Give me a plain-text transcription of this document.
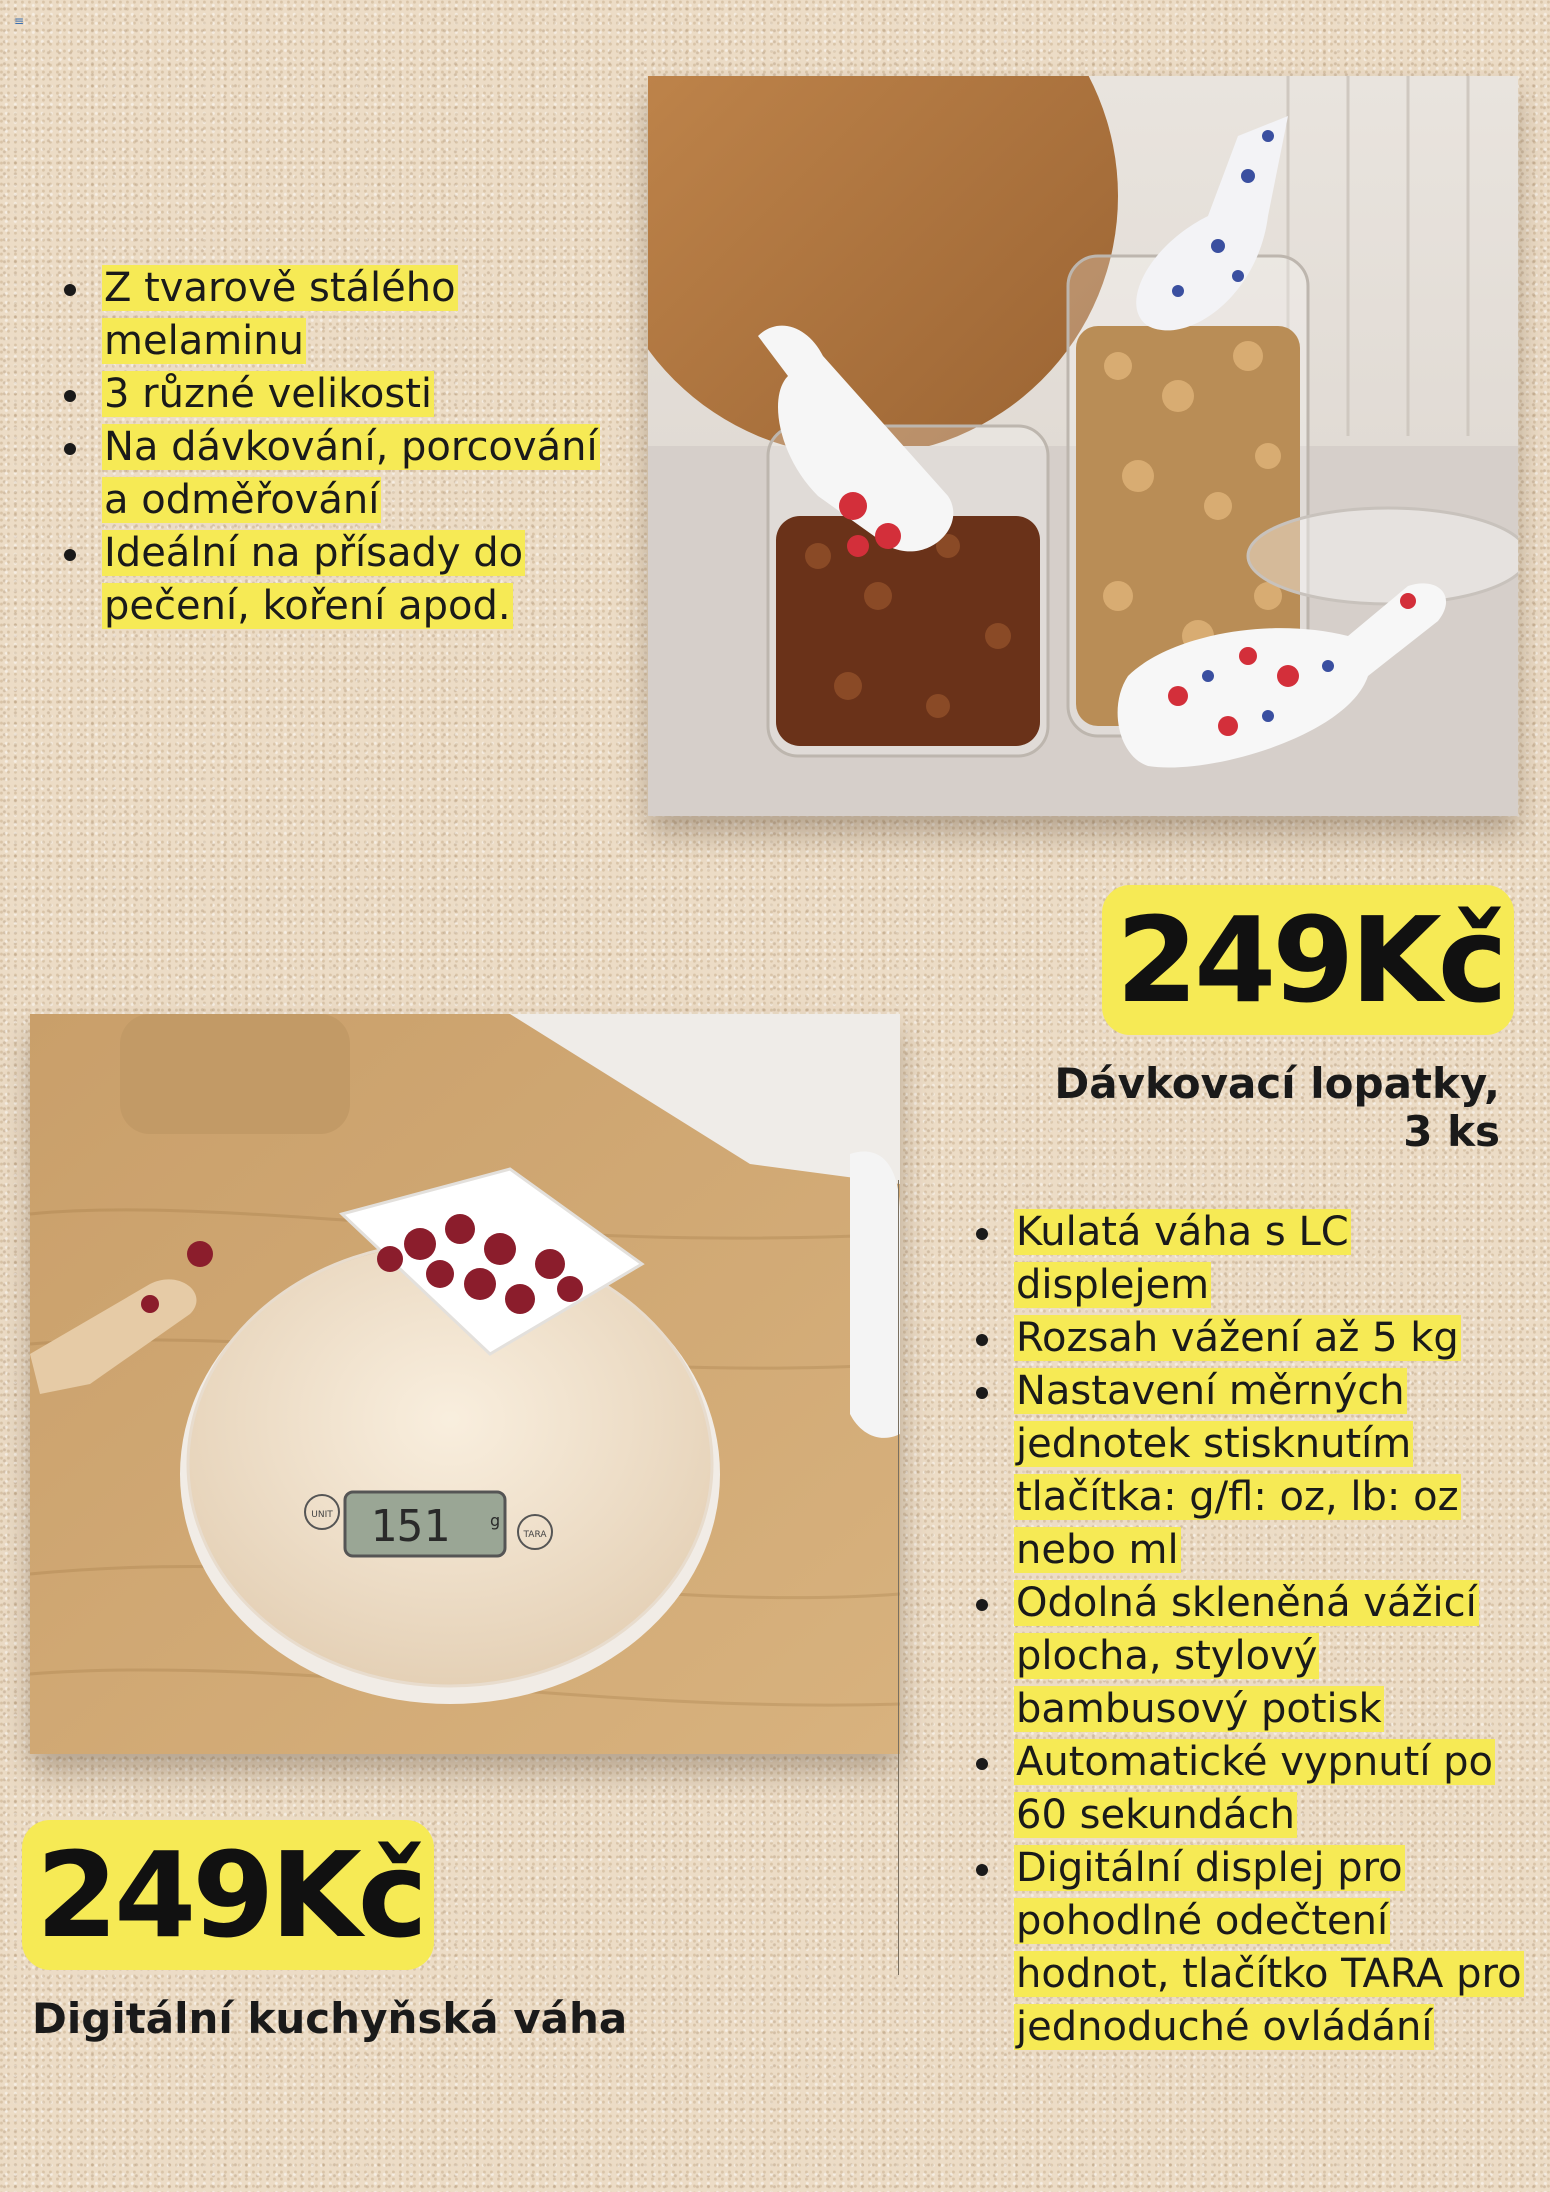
≡
Z tvarově stálého melaminu
3 různé velikosti
Na dávkování, porcování a odměřování
Ideální na přísady do pečení, koření apod.
249Kč
Dávkovací lopatky, 3 ks
151	g
UNIT
TARA
Kulatá váha s LC displejem
Rozsah vážení až 5 kg
Nastavení měrných jednotek stisknutím tlačítka: g/fl: oz, lb: oz nebo ml
Odolná skleněná vážicí plocha, stylový bambusový potisk
Automatické vypnutí po 60 sekundách
Digitální displej pro pohodlné odečtení hodnot, tlačítko TARA pro jednoduché ovládání
249Kč
Digitální kuchyňská váha
